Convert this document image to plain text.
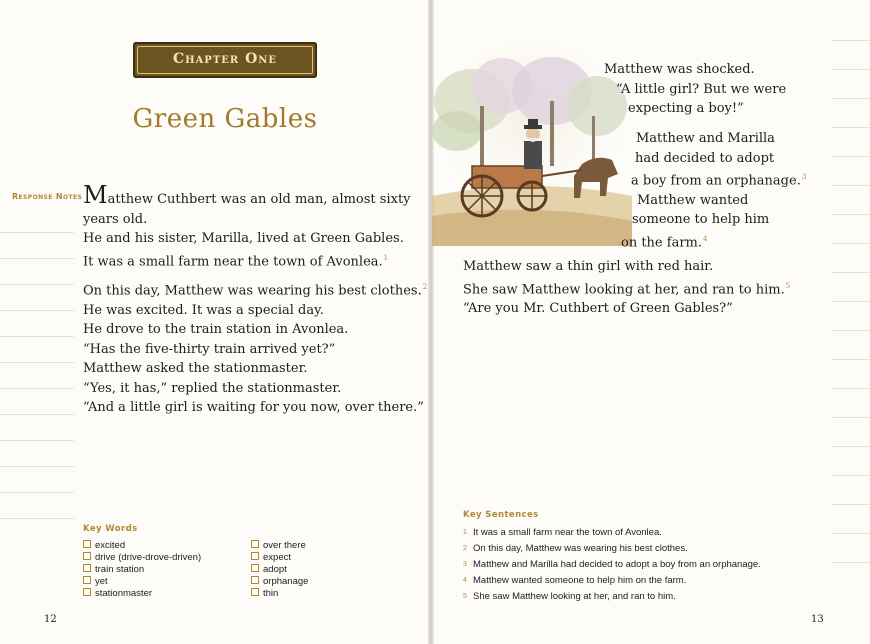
Chapter One
Green Gables
Response Notes Matthew Cuthbert was an old man, almost sixty

years old.

He and his sister, Marilla, lived at Green Gables.

It was a small farm near the town of Avonlea.$^1$

On this day, Matthew was wearing his best clothes.$^2$

He was excited. It was a special day.

He drove to the train station in Avonlea.

“Has the five-thirty train arrived yet?”

Matthew asked the stationmaster.

“Yes, it has,” replied the stationmaster.

“And a little girl is waiting for you now, over there.”

Key Words
excited
drive (drive-drove-driven)
train station
yet
stationmaster
over there
expect
adopt
orphanage
thin
12

Matthew was shocked.

“A little girl? But we were

expecting a boy!”

Matthew and Marilla

had decided to adopt

a boy from an orphanage.$^3$

Matthew wanted

someone to help him

on the farm.$^4$

Matthew saw a thin girl with red hair.

She saw Matthew looking at her, and ran to him.$^5$

“Are you Mr. Cuthbert of Green Gables?”

Key Sentences
1 It was a small farm near the town of Avonlea.
2 On this day, Matthew was wearing his best clothes.
3 Matthew and Marilla had decided to adopt a boy from an orphanage.
4 Matthew wanted someone to help him on the farm.
5 She saw Matthew looking at her, and ran to him.
13
